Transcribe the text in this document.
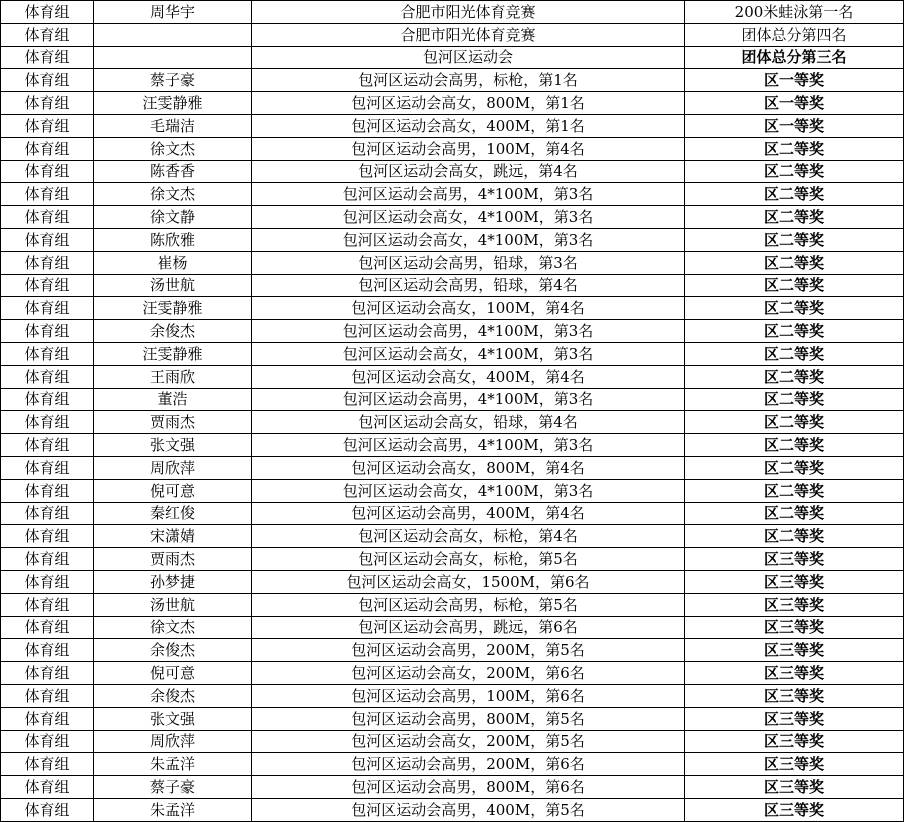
体育组	周华宇	合肥市阳光体育竞赛	200米蛙泳第一名
体育组		合肥市阳光体育竞赛	团体总分第四名
体育组		包河区运动会	团体总分第三名
体育组	蔡子豪	包河区运动会高男，标枪，第1名	区一等奖
体育组	汪雯静雅	包河区运动会高女，800M，第1名	区一等奖
体育组	毛瑞洁	包河区运动会高女，400M，第1名	区一等奖
体育组	徐文杰	包河区运动会高男，100M，第4名	区二等奖
体育组	陈香香	包河区运动会高女，跳远，第4名	区二等奖
体育组	徐文杰	包河区运动会高男，4*100M，第3名	区二等奖
体育组	徐文静	包河区运动会高女，4*100M，第3名	区二等奖
体育组	陈欣雅	包河区运动会高女，4*100M，第3名	区二等奖
体育组	崔杨	包河区运动会高男，铅球，第3名	区二等奖
体育组	汤世航	包河区运动会高男，铅球，第4名	区二等奖
体育组	汪雯静雅	包河区运动会高女，100M，第4名	区二等奖
体育组	余俊杰	包河区运动会高男，4*100M，第3名	区二等奖
体育组	汪雯静雅	包河区运动会高女，4*100M，第3名	区二等奖
体育组	王雨欣	包河区运动会高女，400M，第4名	区二等奖
体育组	董浩	包河区运动会高男，4*100M，第3名	区二等奖
体育组	贾雨杰	包河区运动会高女，铅球，第4名	区二等奖
体育组	张文强	包河区运动会高男，4*100M，第3名	区二等奖
体育组	周欣萍	包河区运动会高女，800M，第4名	区二等奖
体育组	倪可意	包河区运动会高女，4*100M，第3名	区二等奖
体育组	秦红俊	包河区运动会高男，400M，第4名	区二等奖
体育组	宋潇婧	包河区运动会高女，标枪，第4名	区二等奖
体育组	贾雨杰	包河区运动会高女，标枪，第5名	区三等奖
体育组	孙梦捷	包河区运动会高女，1500M，第6名	区三等奖
体育组	汤世航	包河区运动会高男，标枪，第5名	区三等奖
体育组	徐文杰	包河区运动会高男，跳远，第6名	区三等奖
体育组	余俊杰	包河区运动会高男，200M，第5名	区三等奖
体育组	倪可意	包河区运动会高女，200M，第6名	区三等奖
体育组	余俊杰	包河区运动会高男，100M，第6名	区三等奖
体育组	张文强	包河区运动会高男，800M，第5名	区三等奖
体育组	周欣萍	包河区运动会高女，200M，第5名	区三等奖
体育组	朱孟洋	包河区运动会高男，200M，第6名	区三等奖
体育组	蔡子豪	包河区运动会高男，800M，第6名	区三等奖
体育组	朱孟洋	包河区运动会高男，400M，第5名	区三等奖
